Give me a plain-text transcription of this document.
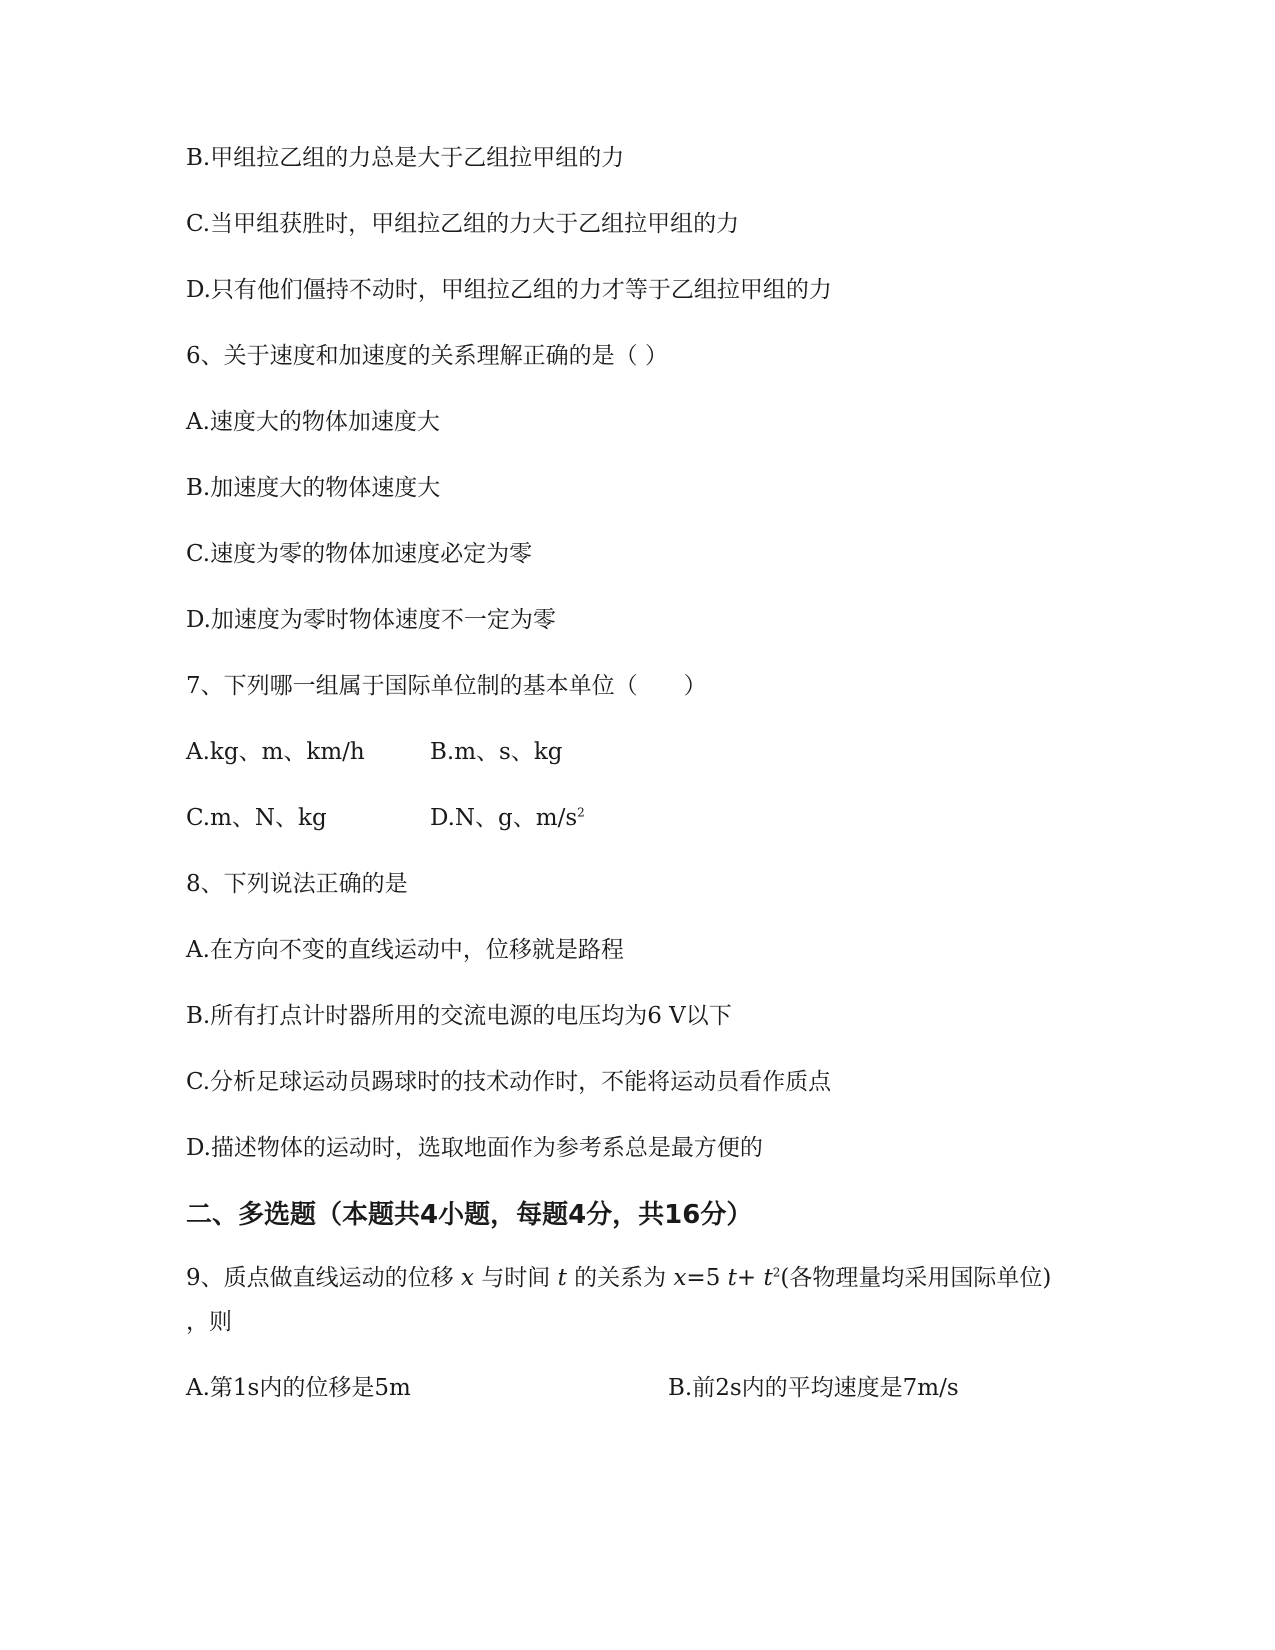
B.甲组拉乙组的力总是大于乙组拉甲组的力
C.当甲组获胜时，甲组拉乙组的力大于乙组拉甲组的力
D.只有他们僵持不动时，甲组拉乙组的力才等于乙组拉甲组的力
6、关于速度和加速度的关系理解正确的是（ ）
A.速度大的物体加速度大
B.加速度大的物体速度大
C.速度为零的物体加速度必定为零
D.加速度为零时物体速度不一定为零
7、下列哪一组属于国际单位制的基本单位（　　）
A.kg、m、km/h	B.m、s、kg
C.m、N、kg	D.N、g、$m/s^2$
8、下列说法正确的是
A.在方向不变的直线运动中，位移就是路程
B.所有打点计时器所用的交流电源的电压均为6 V以下
C.分析足球运动员踢球时的技术动作时，不能将运动员看作质点
D.描述物体的运动时，选取地面作为参考系总是最方便的
二、多选题（本题共4小题，每题4分，共16分）
9、质点做直线运动的位移 x 与时间 t 的关系为 x=5 $t+ t^2$(各物理量均采用国际单位)
，则
A.第1s内的位移是5m	B.前2s内的平均速度是7m/s
